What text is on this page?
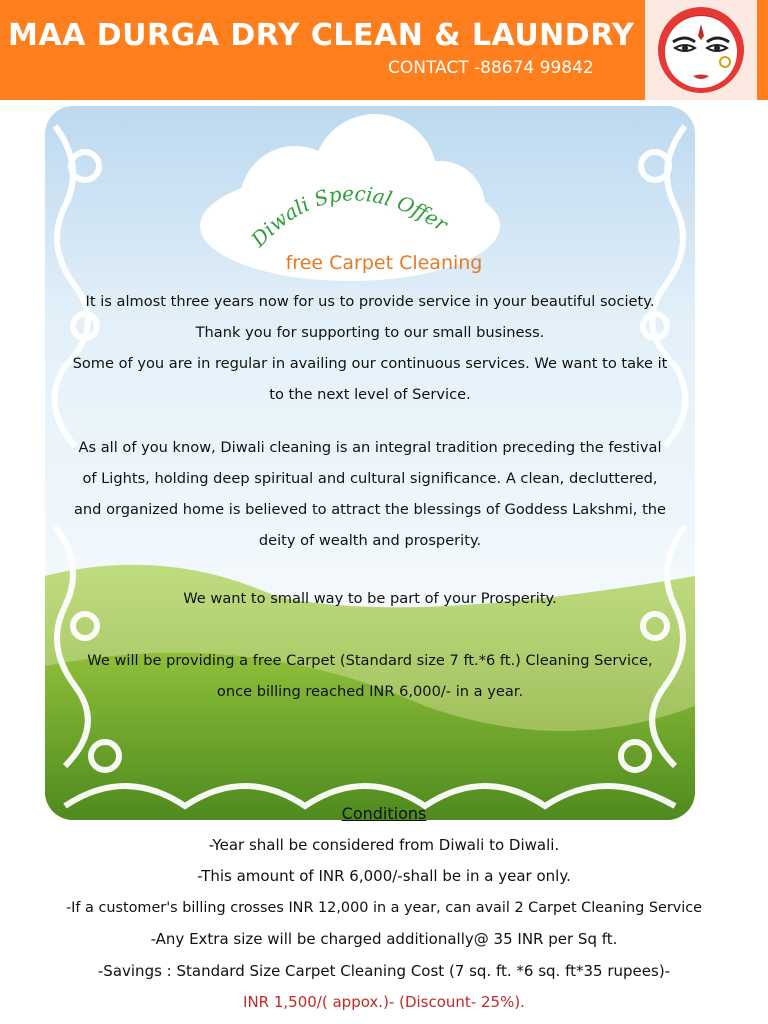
MAA DURGA DRY CLEAN & LAUNDRY
CONTACT -88674 99842
Diwali Special Offer
free Carpet Cleaning
It is almost three years now for us to provide service in your beautiful society.
Thank you for supporting to our small business.
Some of you are in regular in availing our continuous services. We want to take it
to the next level of Service.
As all of you know, Diwali cleaning is an integral tradition preceding the festival
of Lights, holding deep spiritual and cultural significance. A clean, decluttered,
and organized home is believed to attract the blessings of Goddess Lakshmi, the
deity of wealth and prosperity.
We want to small way to be part of your Prosperity.
We will be providing a free Carpet (Standard size 7 ft.*6 ft.) Cleaning Service,
once billing reached INR 6,000/- in a year.
Conditions
-Year shall be considered from Diwali to Diwali.
-This amount of INR 6,000/-shall be in a year only.
-If a customer's billing crosses INR 12,000 in a year, can avail 2 Carpet Cleaning Service
-Any Extra size will be charged additionally@ 35 INR per Sq ft.
-Savings : Standard Size Carpet Cleaning Cost (7 sq. ft. *6 sq. ft*35 rupees)-
INR 1,500/( appox.)- (Discount- 25%).
